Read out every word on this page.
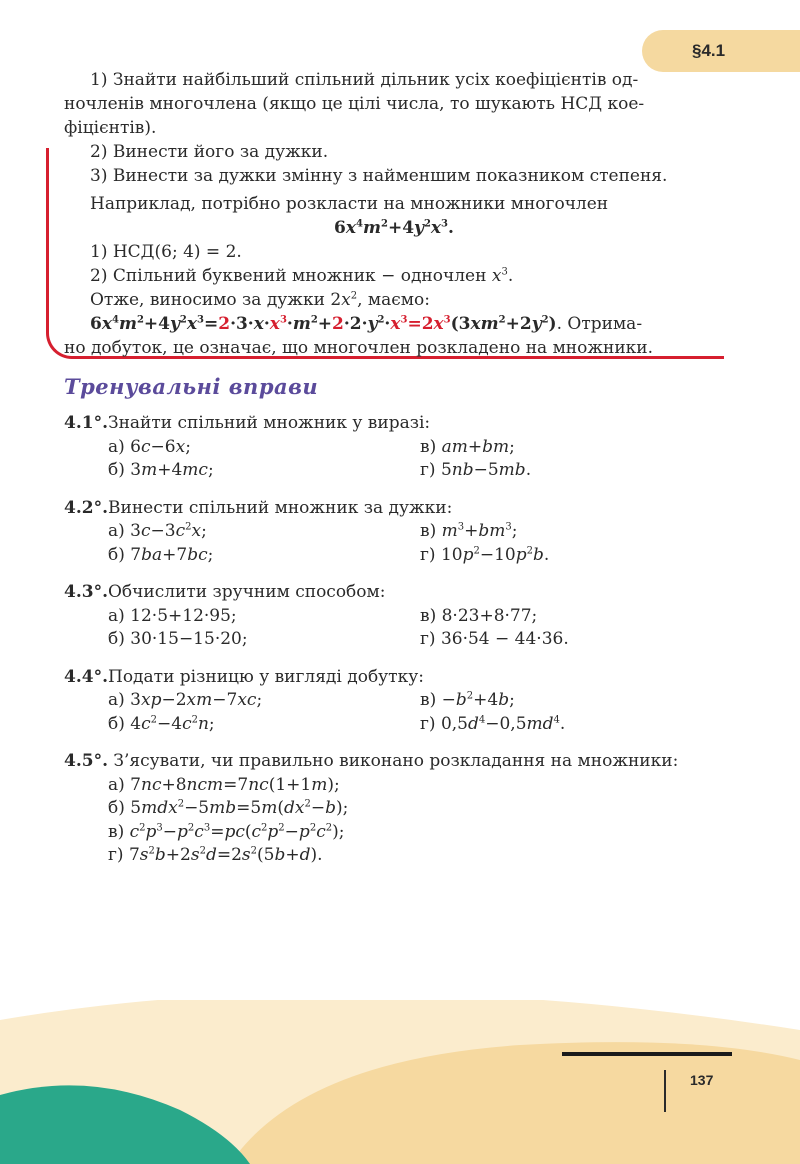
§4.1

1) Знайти найбільший спільний дільник усіх коефіцієнтів од-

ночленів многочлена (якщо це цілі числа, то шукають НСД кое-

фіцієнтів).

2) Винести його за дужки.

3) Винести за дужки змінну з найменшим показником степеня.

Наприклад, потрібно розкласти на множники многочлен

$6x^4m^2+4y^2x^3$.

1) НСД(6; 4) = 2.

2) Спільний буквений множник − одночлен $x^3$.

Отже, виносимо за дужки $2x^2$, маємо:

$6x^4m^2+4y^2x^3=2\cdot 3\cdot x\cdot x^3\cdot m^2+2\cdot 2\cdot y^2\cdot x^3=2x^3(3xm^2+2y^2)$. Отрима-

но добуток, це означає, що многочлен розкладено на множники.

Тренувальні вправи
4.1°.Знайти спільний множник у виразі:
а) 6c−6x;	в) am+bm;
б) 3m+4mc;	г) 5nb−5mb.
4.2°.Винести спільний множник за дужки:
а) $3c-3c^2x$;	в) $m^3+bm^3$;
б) 7ba+7bc;	г) $10p^2-10p^2b$.
4.3°.Обчислити зручним способом:
а) 12·5+12·95;	в) 8·23+8·77;
б) 30·15−15·20;	г) 36·54 − 44·36.
4.4°.Подати різницю у вигляді добутку:
а) 3xp−2xm−7xc;	$в) -b^2+4b$;
б) $4c^2-4c^2n$;	г) $0,5d^4-0,5md^4$.
4.5°. З’ясувати, чи правильно виконано розкладання на множники:
а) 7nc+8ncm=7nc(1+1m);
б) $5mdx^2-5mb=5m(dx^2-b)$;
в) $c^2p^3-p^2c^3=pc(c^2p^2-p^2c^2)$;
г) $7s^2b+2s^2d=2s^2(5b+d)$.
137
